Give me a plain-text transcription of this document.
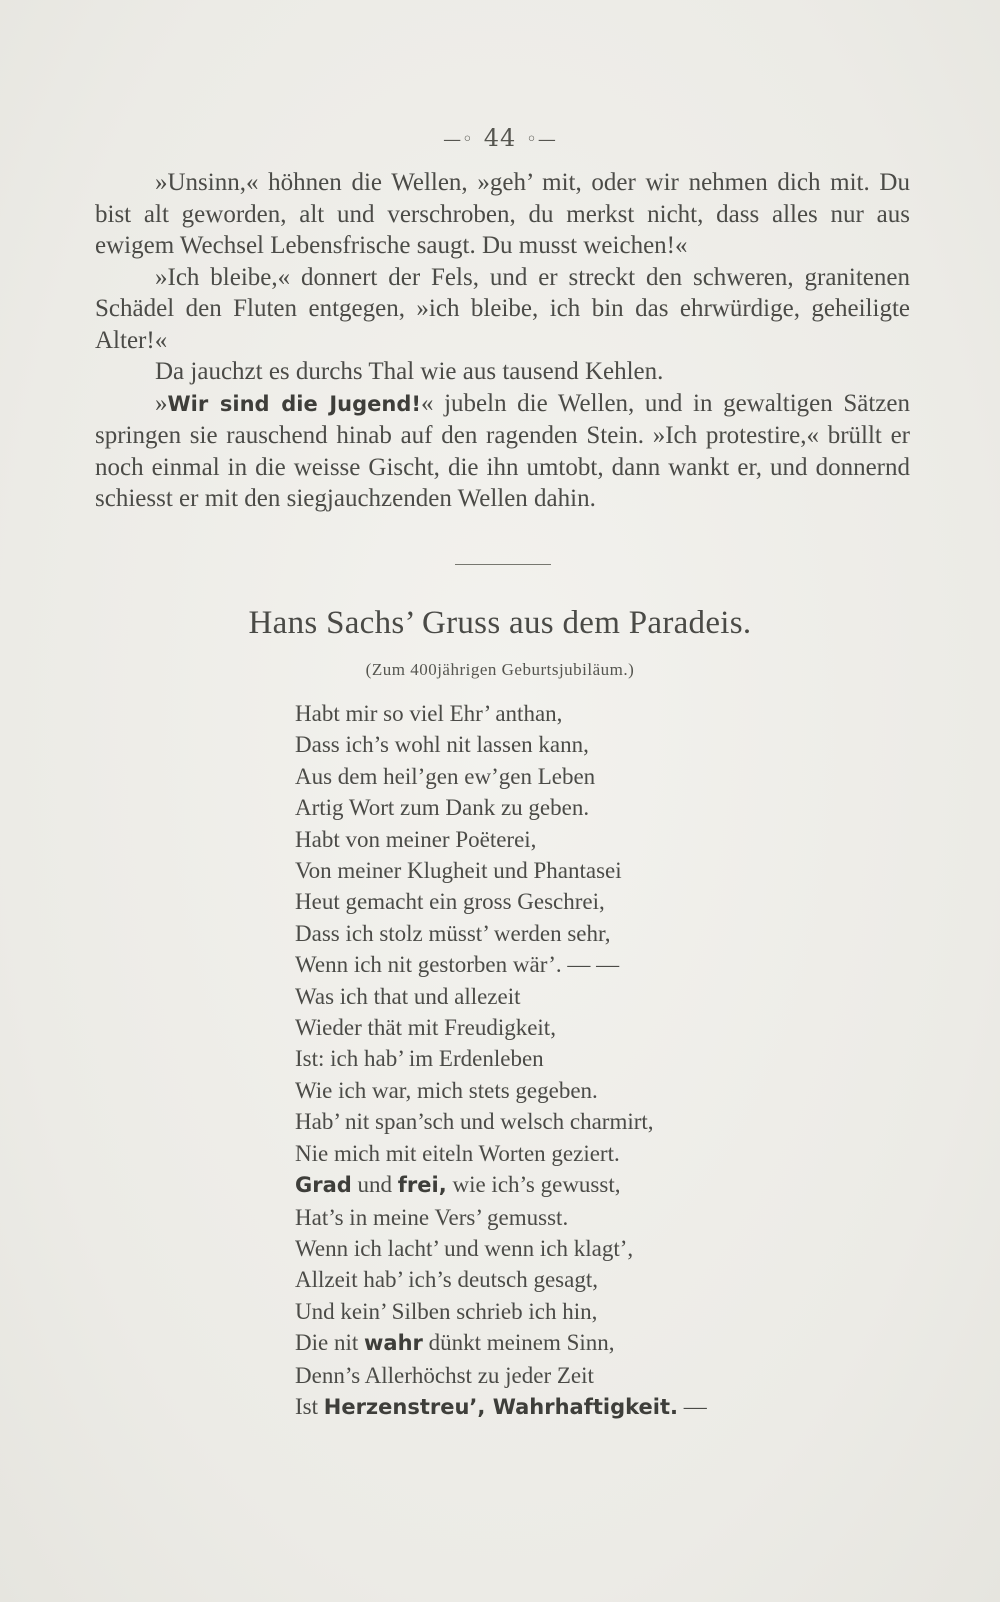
—◦ 44 ◦—

»Unsinn,« höhnen die Wellen, »geh’ mit, oder wir nehmen dich mit. Du bist alt geworden, alt und verschroben, du merkst nicht, dass alles nur aus ewigem Wechsel Lebensfrische saugt. Du musst weichen!«

»Ich bleibe,« donnert der Fels, und er streckt den schweren, granitenen Schädel den Fluten entgegen, »ich bleibe, ich bin das ehrwürdige, geheiligte Alter!«

Da jauchzt es durchs Thal wie aus tausend Kehlen.

»Wir sind die Jugend!« jubeln die Wellen, und in gewaltigen Sätzen springen sie rauschend hinab auf den ragenden Stein. »Ich protestire,« brüllt er noch einmal in die weisse Gischt, die ihn umtobt, dann wankt er, und donnernd schiesst er mit den siegjauchzenden Wellen dahin.

Hans Sachs’ Gruss aus dem Paradeis.
(Zum 400jährigen Geburtsjubiläum.)
Habt mir so viel Ehr’ anthan,
Dass ich’s wohl nit lassen kann,
Aus dem heil’gen ew’gen Leben
Artig Wort zum Dank zu geben.
Habt von meiner Poëterei,
Von meiner Klugheit und Phantasei
Heut gemacht ein gross Geschrei,
Dass ich stolz müsst’ werden sehr,
Wenn ich nit gestorben wär’. — —
Was ich that und allezeit
Wieder thät mit Freudigkeit,
Ist: ich hab’ im Erdenleben
Wie ich war, mich stets gegeben.
Hab’ nit span’sch und welsch charmirt,
Nie mich mit eiteln Worten geziert.
Grad und frei, wie ich’s gewusst,
Hat’s in meine Vers’ gemusst.
Wenn ich lacht’ und wenn ich klagt’,
Allzeit hab’ ich’s deutsch gesagt,
Und kein’ Silben schrieb ich hin,
Die nit wahr dünkt meinem Sinn,
Denn’s Allerhöchst zu jeder Zeit
Ist Herzenstreu’, Wahrhaftigkeit. —
